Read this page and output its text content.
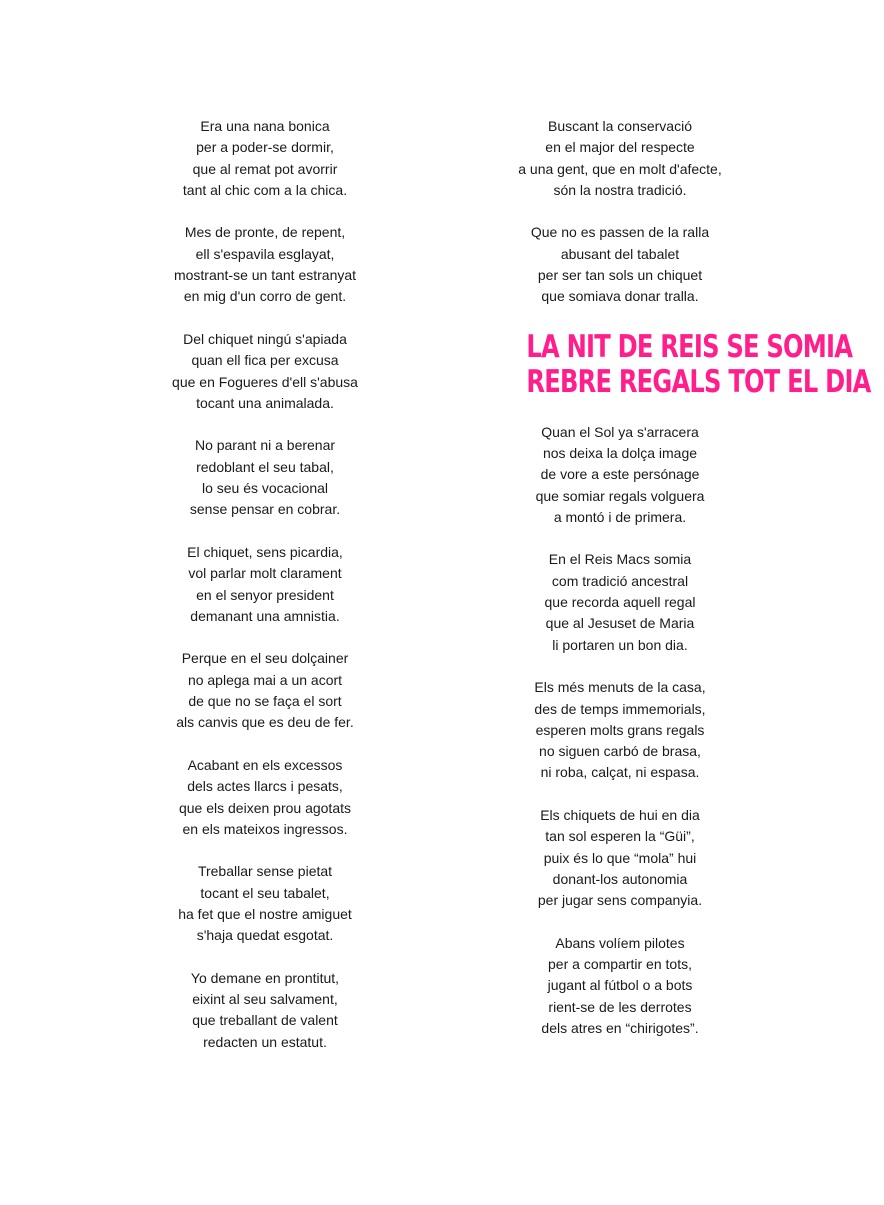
Era una nana bonica
per a poder-se dormir,
que al remat pot avorrir
tant al chic com a la chica.
Mes de pronte, de repent,
ell s'espavila esglayat,
mostrant-se un tant estranyat
en mig d'un corro de gent.
Del chiquet ningú s'apiada
quan ell fica per excusa
que en Fogueres d'ell s'abusa
tocant una animalada.
No parant ni a berenar
redoblant el seu tabal,
lo seu és vocacional
sense pensar en cobrar.
El chiquet, sens picardia,
vol parlar molt clarament
en el senyor president
demanant una amnistia.
Perque en el seu dolçainer
no aplega mai a un acort
de que no se faça el sort
als canvis que es deu de fer.
Acabant en els excessos
dels actes llarcs i pesats,
que els deixen prou agotats
en els mateixos ingressos.
Treballar sense pietat
tocant el seu tabalet,
ha fet que el nostre amiguet
s'haja quedat esgotat.
Yo demane en prontitut,
eixint al seu salvament,
que treballant de valent
redacten un estatut.
Buscant la conservació
en el major del respecte
a una gent, que en molt d'afecte,
són la nostra tradició.
Que no es passen de la ralla
abusant del tabalet
per ser tan sols un chiquet
que somiava donar tralla.
LA NIT DE REIS SE SOMIA
REBRE REGALS TOT EL DIA
Quan el Sol ya s'arracera
nos deixa la dolça image
de vore a este persónage
que somiar regals volguera
a montó i de primera.
En el Reis Macs somia
com tradició ancestral
que recorda aquell regal
que al Jesuset de Maria
li portaren un bon dia.
Els més menuts de la casa,
des de temps immemorials,
esperen molts grans regals
no siguen carbó de brasa,
ni roba, calçat, ni espasa.
Els chiquets de hui en dia
tan sol esperen la “Güi”,
puix és lo que “mola” hui
donant-los autonomia
per jugar sens companyia.
Abans volíem pilotes
per a compartir en tots,
jugant al fútbol o a bots
rient-se de les derrotes
dels atres en “chirigotes”.
